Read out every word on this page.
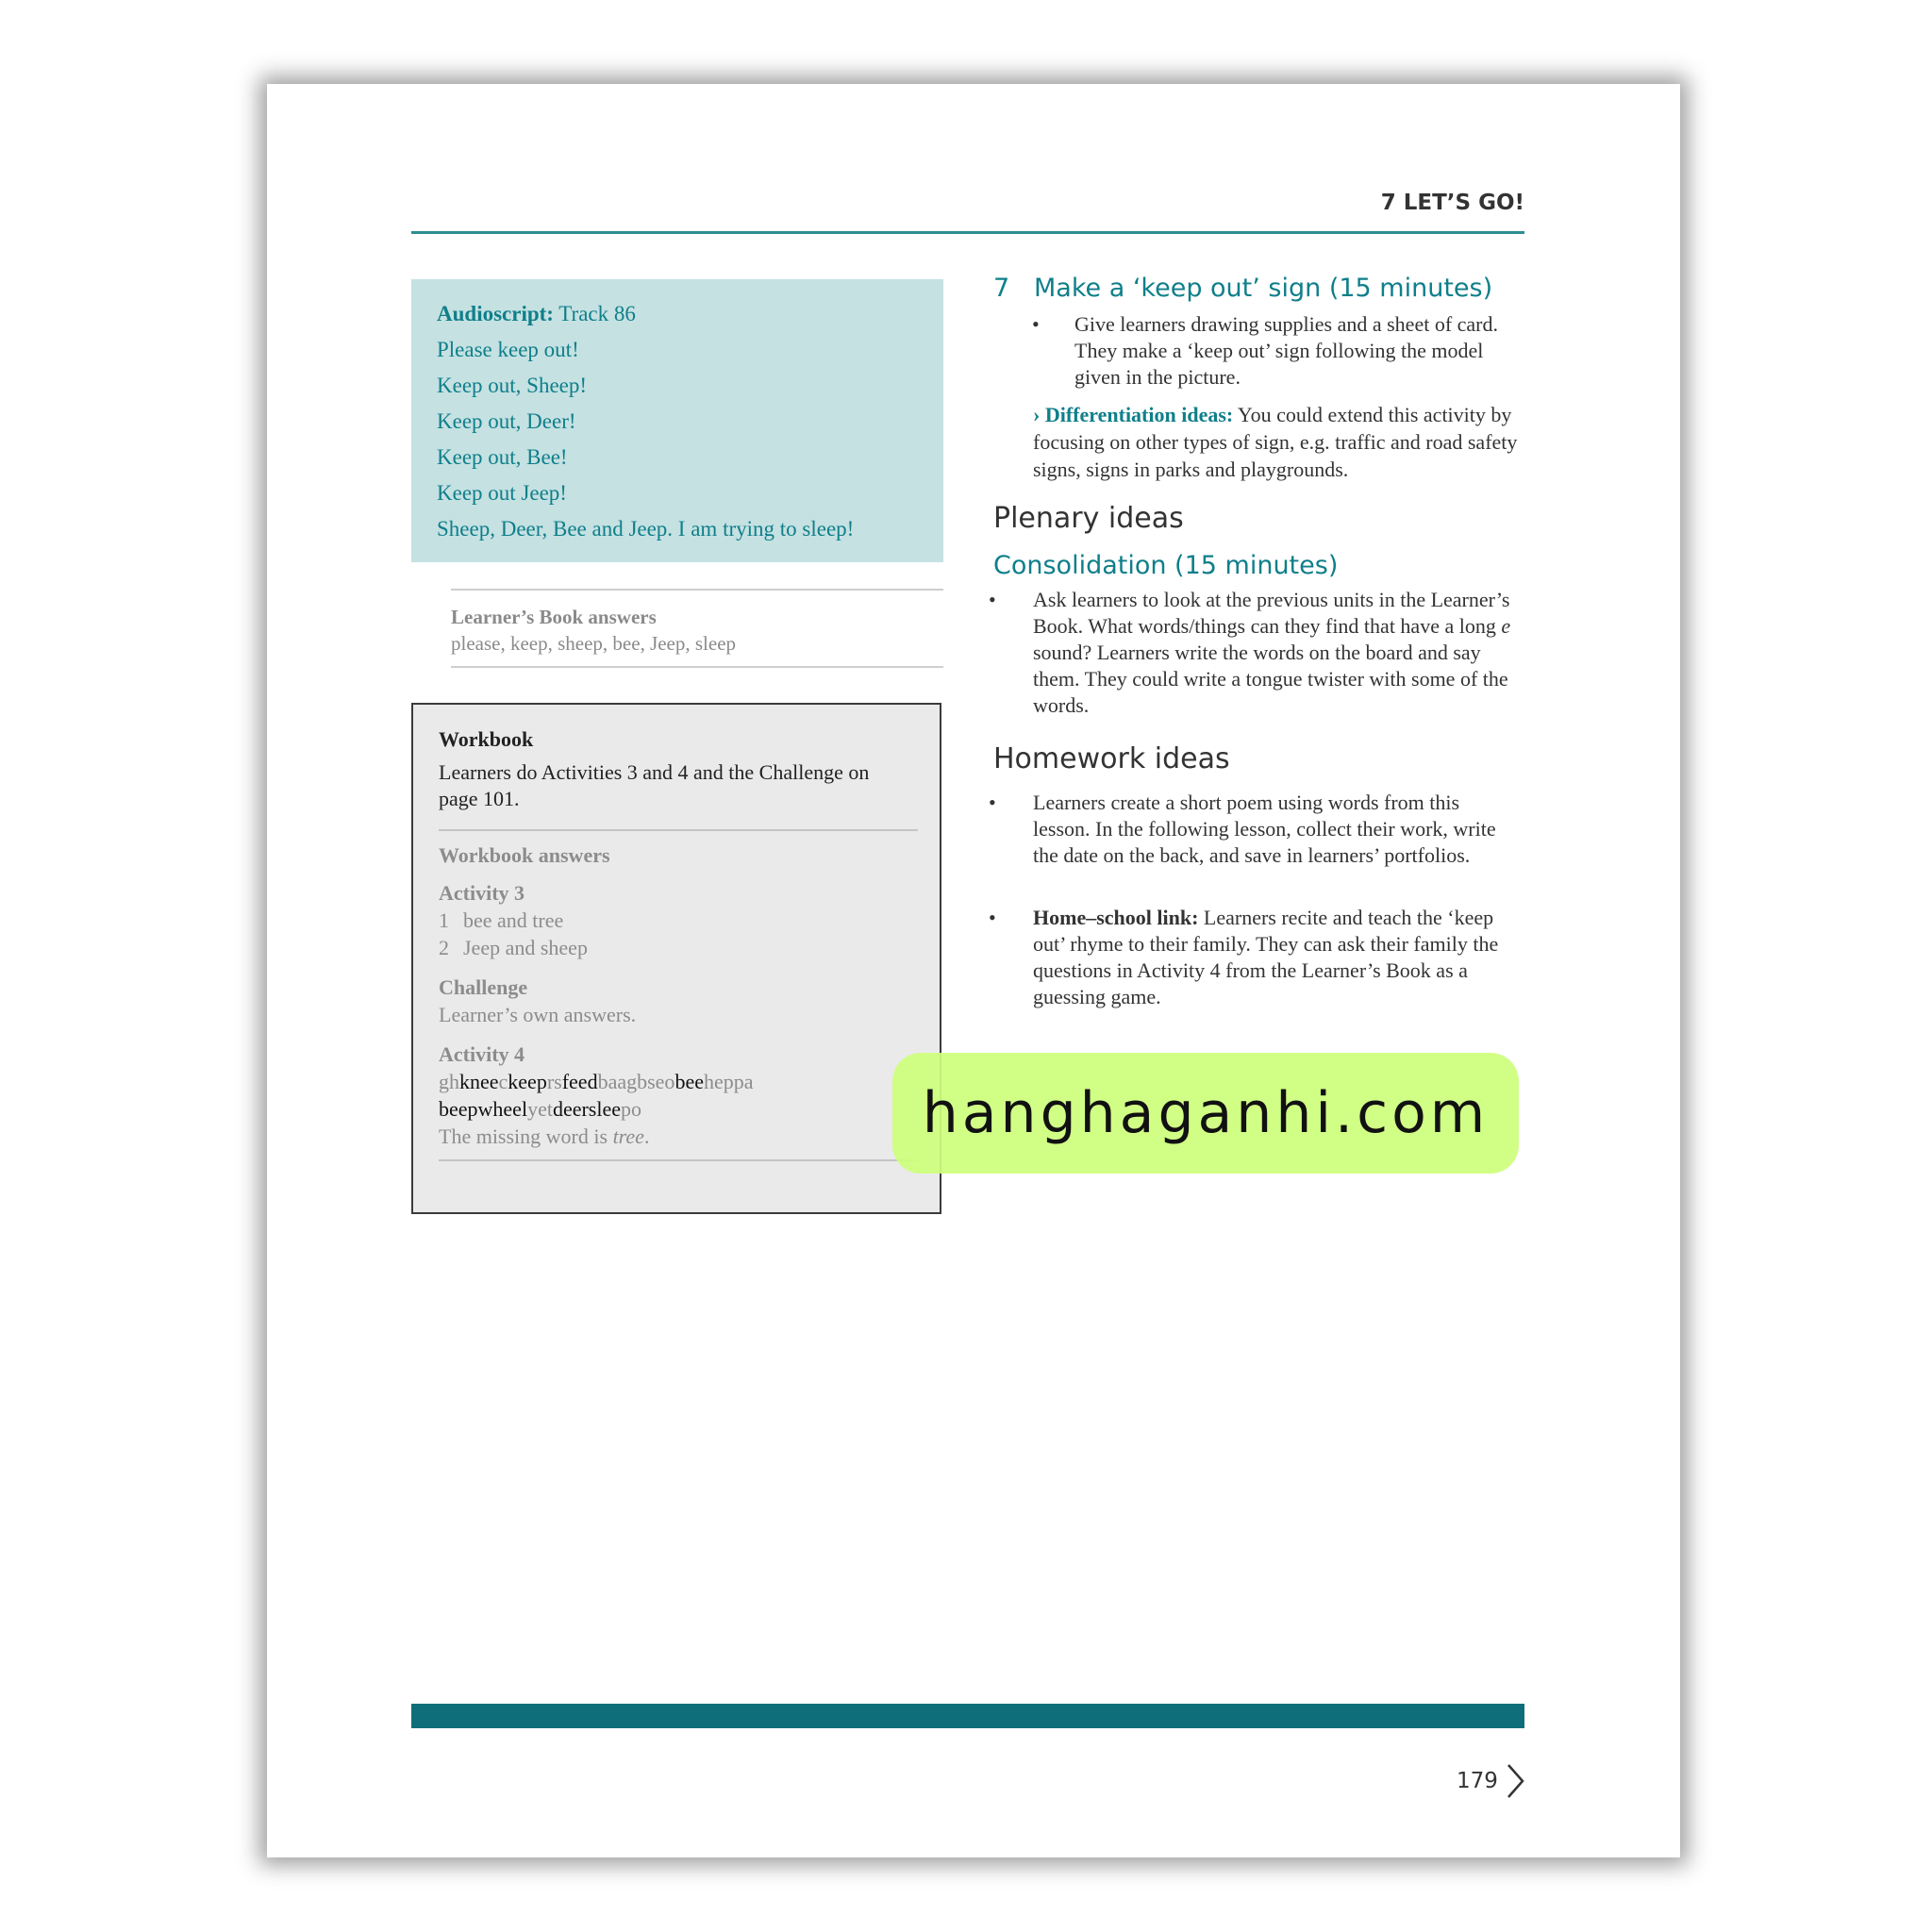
7 LET’S GO!
Audioscript: Track 86
Please keep out!
Keep out, Sheep!
Keep out, Deer!
Keep out, Bee!
Keep out Jeep!
Sheep, Deer, Bee and Jeep. I am trying to sleep!
Learner’s Book answers
please, keep, sheep, bee, Jeep, sleep
Workbook
Learners do Activities 3 and 4 and the Challenge on page 101.
Workbook answers
Activity 3
1 bee and tree
2 Jeep and sheep
Challenge
Learner’s own answers.
Activity 4
ghkneeckeeprsfeedbaagbseobeeheppa
beepwheelyetdeersleepo
The missing word is tree.
7 Make a ‘keep out’ sign (15 minutes)
• Give learners drawing supplies and a sheet of card. They make a ‘keep out’ sign following the model given in the picture.
› Differentiation ideas: You could extend this activity by focusing on other types of sign, e.g. traffic and road safety signs, signs in parks and playgrounds.
Plenary ideas
Consolidation (15 minutes)
• Ask learners to look at the previous units in the Learner’s Book. What words/things can they find that have a long e sound? Learners write the words on the board and say them. They could write a tongue twister with some of the words.
Homework ideas
• Learners create a short poem using words from this lesson. In the following lesson, collect their work, write the date on the back, and save in learners’ portfolios.
• Home–school link: Learners recite and teach the ‘keep out’ rhyme to their family. They can ask their family the questions in Activity 4 from the Learner’s Book as a guessing game.
179
hanghaganhi.com
